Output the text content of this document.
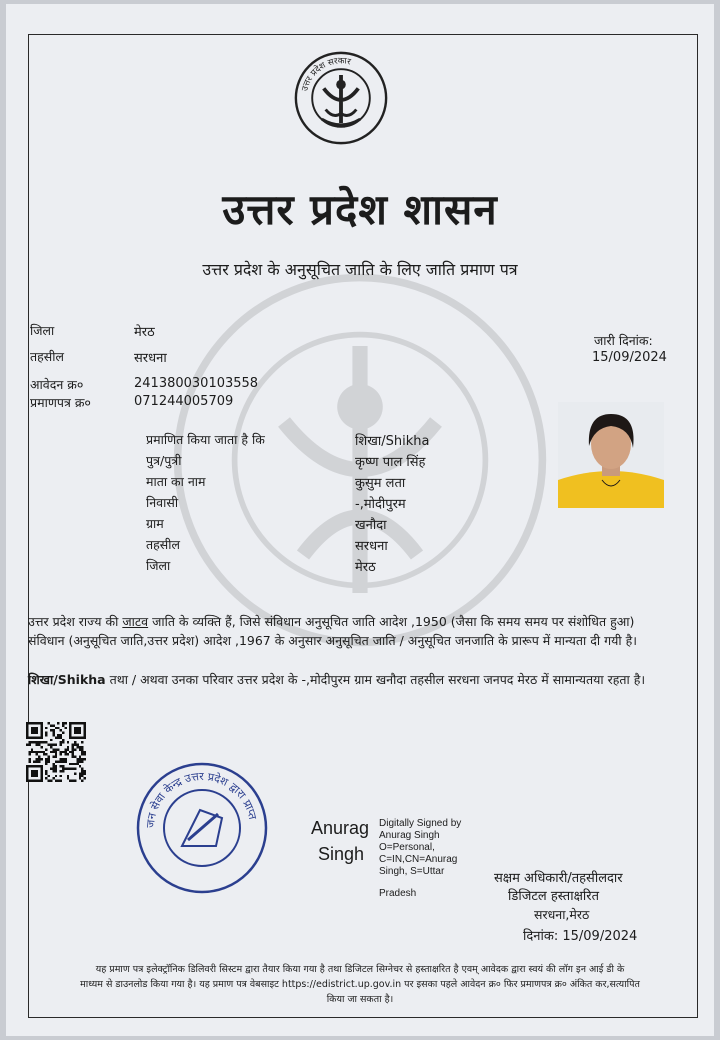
उत्तर प्रदेश सरकार
उत्तर प्रदेश शासन
उत्तर प्रदेश के अनुसूचित जाति के लिए जाति प्रमाण पत्र
जिला	मेरठ
तहसील	सरधना
आवेदन क्र०	241380030103558
प्रमाणपत्र क्र०	071244005709
जारी दिनांक:
15/09/2024
प्रमाणित किया जाता है कि	शिखा/Shikha
पुत्र/पुत्री	कृष्ण पाल सिंह
माता का नाम	कुसुम लता
निवासी	-,मोदीपुरम
ग्राम	खनौदा
तहसील	सरधना
जिला	मेरठ
उत्तर प्रदेश राज्य की जाटव जाति के व्यक्ति हैं, जिसे संविधान अनुसूचित जाति आदेश ,1950 (जैसा कि समय समय पर संशोधित हुआ) संविधान (अनुसूचित जाति,उत्तर प्रदेश) आदेश ,1967 के अनुसार अनुसूचित जाति / अनुसूचित जनजाति के प्रारूप में मान्यता दी गयी है।
शिखा/Shikha तथा / अथवा उनका परिवार उत्तर प्रदेश के -,मोदीपुरम ग्राम खनौदा तहसील सरधना जनपद मेरठ में सामान्यतया रहता है।
जन सेवा केन्द्र उत्तर प्रदेश द्वारा प्राप्त
Anurag
Singh
Digitally Signed by
Anurag Singh
O=Personal,
C=IN,CN=Anurag
Singh, S=Uttar
Pradesh
सक्षम अधिकारी/तहसीलदार
डिजिटल हस्ताक्षरित
सरधना,मेरठ
दिनांक: 15/09/2024
यह प्रमाण पत्र इलेक्ट्रॉनिक डिलिवरी सिस्टम द्वारा तैयार किया गया है तथा डिजिटल सिग्नेचर से हस्ताक्षरित है एवम् आवेदक द्वारा स्वयं की लॉग इन आई डी के
माध्यम से डाउनलोड किया गया है। यह प्रमाण पत्र वेबसाइट https://edistrict.up.gov.in पर इसका पहले आवेदन क्र० फिर प्रमाणपत्र क्र० अंकित कर,सत्यापित
किया जा सकता है।
